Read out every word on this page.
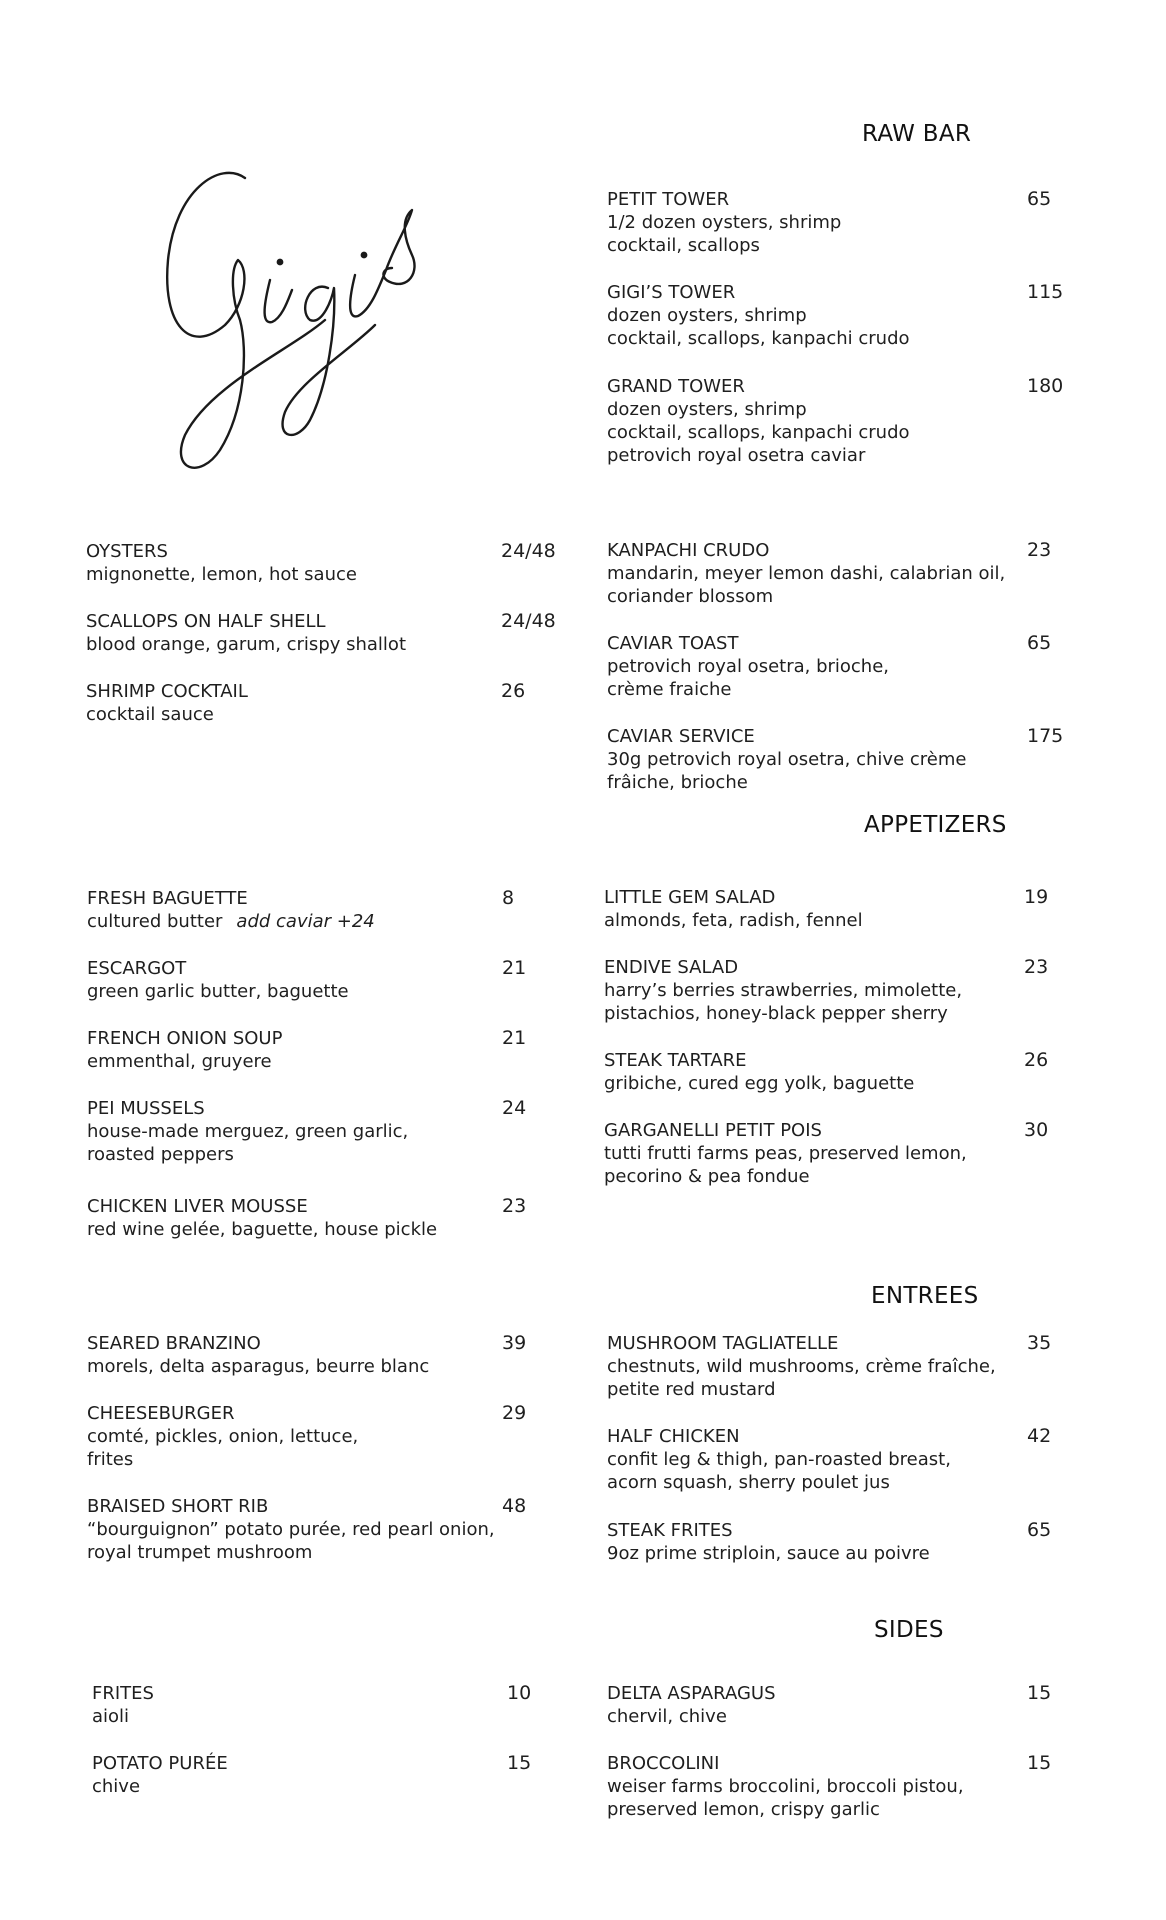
RAW BAR
APPETIZERS
ENTREES
SIDES
PETIT TOWER
1/2 dozen oysters, shrimp
cocktail, scallops
65
GIGI’S TOWER
dozen oysters, shrimp
cocktail, scallops, kanpachi crudo
115
GRAND TOWER
dozen oysters, shrimp
cocktail, scallops, kanpachi crudo
petrovich royal osetra caviar
180
OYSTERS
mignonette, lemon, hot sauce
24/48
SCALLOPS ON HALF SHELL
blood orange, garum, crispy shallot
24/48
SHRIMP COCKTAIL
cocktail sauce
26
KANPACHI CRUDO
mandarin, meyer lemon dashi, calabrian oil,
coriander blossom
23
CAVIAR TOAST
petrovich royal osetra, brioche,
crème fraiche
65
CAVIAR SERVICE
30g petrovich royal osetra, chive crème
frâiche, brioche
175
FRESH BAGUETTE
cultured butter add caviar +24
8
ESCARGOT
green garlic butter, baguette
21
FRENCH ONION SOUP
emmenthal, gruyere
21
PEI MUSSELS
house-made merguez, green garlic,
roasted peppers
24
CHICKEN LIVER MOUSSE
red wine gelée, baguette, house pickle
23
LITTLE GEM SALAD
almonds, feta, radish, fennel
19
ENDIVE SALAD
harry’s berries strawberries, mimolette,
pistachios, honey-black pepper sherry
23
STEAK TARTARE
gribiche, cured egg yolk, baguette
26
GARGANELLI PETIT POIS
tutti frutti farms peas, preserved lemon,
pecorino & pea fondue
30
SEARED BRANZINO
morels, delta asparagus, beurre blanc
39
CHEESEBURGER
comté, pickles, onion, lettuce,
frites
29
BRAISED SHORT RIB
“bourguignon” potato purée, red pearl onion,
royal trumpet mushroom
48
MUSHROOM TAGLIATELLE
chestnuts, wild mushrooms, crème fraîche,
petite red mustard
35
HALF CHICKEN
confit leg & thigh, pan-roasted breast,
acorn squash, sherry poulet jus
42
STEAK FRITES
9oz prime striploin, sauce au poivre
65
FRITES
aioli
10
POTATO PURÉE
chive
15
DELTA ASPARAGUS
chervil, chive
15
BROCCOLINI
weiser farms broccolini, broccoli pistou,
preserved lemon, crispy garlic
15
